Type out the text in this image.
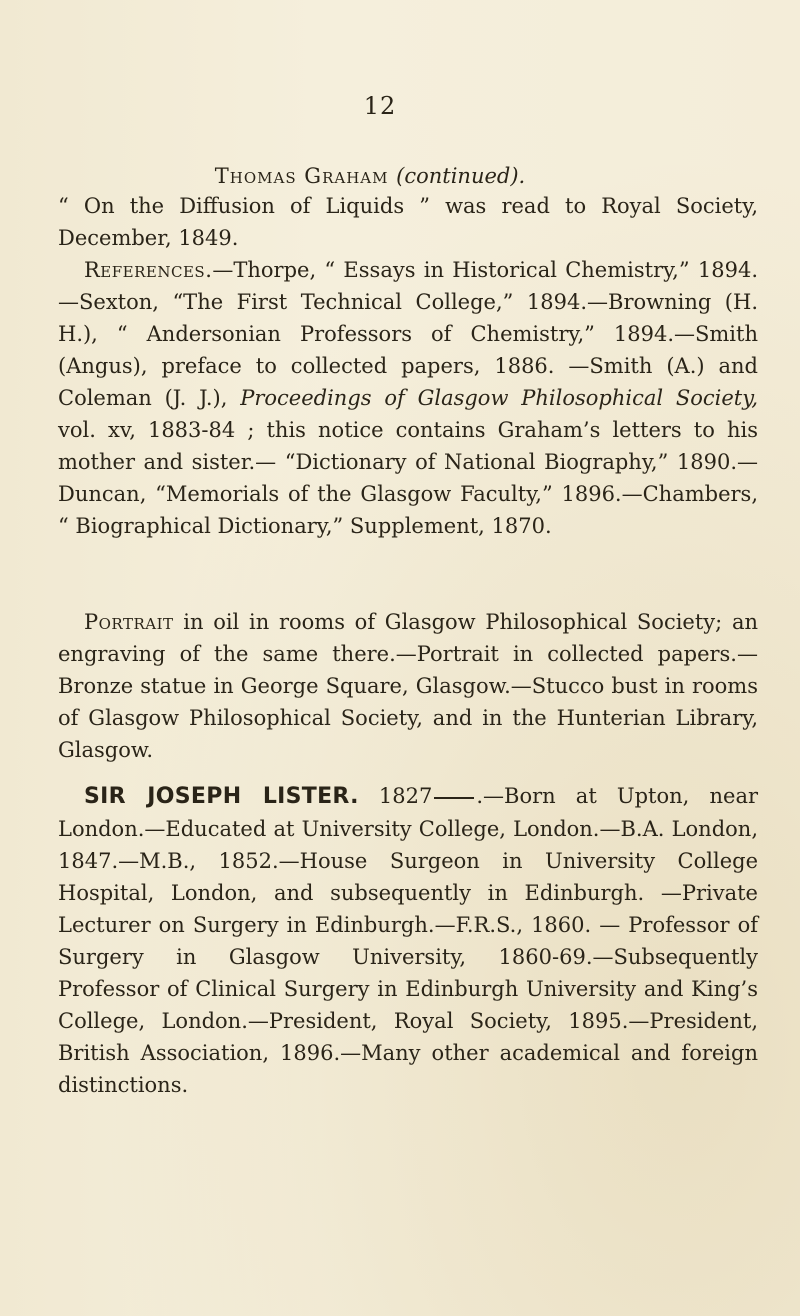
12
Thomas Graham (continued).

“ On the Diffusion of Liquids ” was read to Royal Society, December, 1849.

References.—Thorpe, “ Essays in Historical Chemistry,” 1894.—Sexton, “The First Technical College,” 1894.—Browning (H. H.), “ Andersonian Professors of Chemistry,” 1894.—Smith (Angus), preface to collected papers, 1886. —Smith (A.) and Coleman (J. J.), Proceedings of Glasgow Philosophical Society, vol. xv, 1883-84 ; this notice contains Graham’s letters to his mother and sister.— “Dictionary of National Biography,” 1890.—Duncan, “Memorials of the Glasgow Faculty,” 1896.—Chambers, “ Biographical Dictionary,” Supplement, 1870.

Portrait in oil in rooms of Glasgow Philosophical Society; an engraving of the same there.—Portrait in collected papers.—Bronze statue in George Square, Glasgow.—Stucco bust in rooms of Glasgow Philosophical Society, and in the Hunterian Library, Glasgow.

SIR JOSEPH LISTER. 1827 .—Born at Upton, near London.—Educated at University College, London.—B.A. London, 1847.—M.B., 1852.—House Surgeon in University College Hospital, London, and subsequently in Edinburgh. —Private Lecturer on Surgery in Edinburgh.—F.R.S., 1860. — Professor of Surgery in Glasgow University, 1860-69.—Subsequently Professor of Clinical Surgery in Edinburgh University and King’s College, London.—President, Royal Society, 1895.—President, British Association, 1896.—Many other academical and foreign distinctions.
